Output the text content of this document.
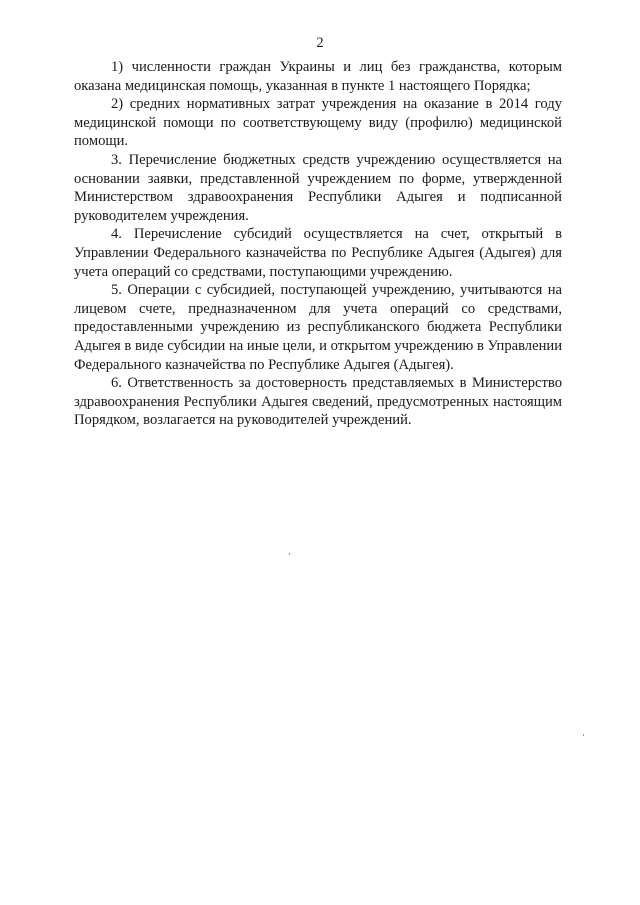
2

1) численности граждан Украины и лиц без гражданства, которым оказана медицинская помощь, указанная в пункте 1 настоящего Порядка;

2) средних нормативных затрат учреждения на оказание в 2014 году медицинской помощи по соответствующему виду (профилю) медицинской помощи.

3. Перечисление бюджетных средств учреждению осуществляется на основании заявки, представленной учреждением по форме, утвержденной Министерством здравоохранения Республики Адыгея и подписанной руководителем учреждения.

4. Перечисление субсидий осуществляется на счет, открытый в Управлении Федерального казначейства по Республике Адыгея (Адыгея) для учета операций со средствами, поступающими учреждению.

5. Операции с субсидией, поступающей учреждению, учитываются на лицевом счете, предназначенном для учета операций со средствами, предоставленными учреждению из республиканского бюджета Республики Адыгея в виде субсидии на иные цели, и открытом учреждению в Управлении Федерального казначейства по Республике Адыгея (Адыгея).

6. Ответственность за достоверность представляемых в Министерство здравоохранения Республики Адыгея сведений, предусмотренных настоящим Порядком, возлагается на руководителей учреждений.
